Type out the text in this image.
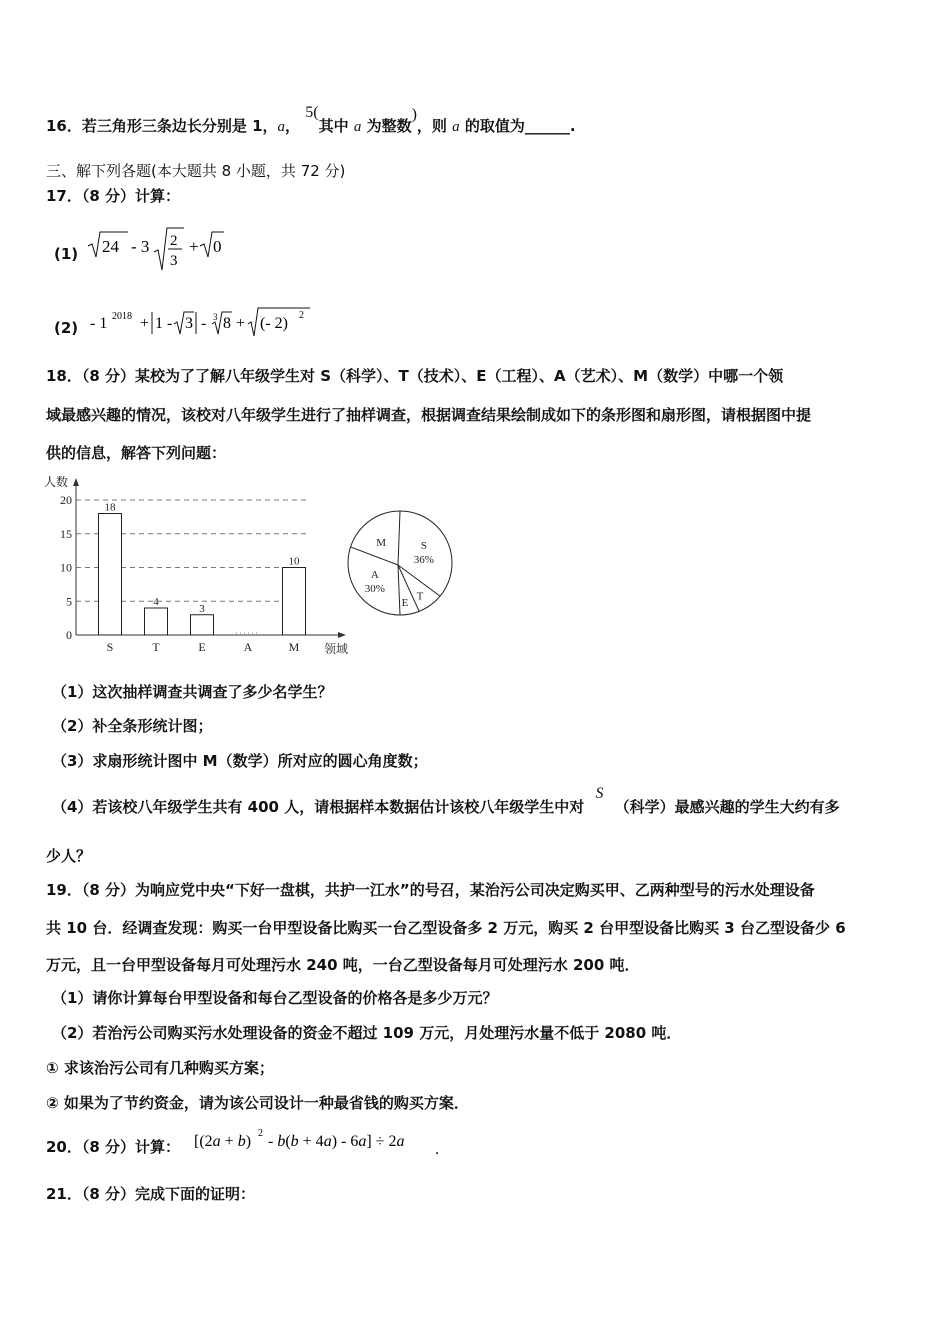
16．若三角形三条边长分别是 1，a， 5(其中 a 为整数)，则 a 的取值为______.
三、解下列各题(本大题共 8 小题，共 72 分)
17．（8 分）计算：
(1) 24 - 3 2
3
+ 0
(2) - 1 2018 + 1 - 3 - 3 8 + (- 2) 2
18．（8 分）某校为了了解八年级学生对 S（科学）、T（技术）、E（工程）、A（艺术）、M（数学）中哪一个领
域最感兴趣的情况，该校对八年级学生进行了抽样调查，根据调查结果绘制成如下的条形图和扇形图，请根据图中提
供的信息，解答下列问题：
人数
领域
0
5
10
15
20
S
18
T
4
E
3
A	M
10
S
36%
T
E
A
30%
M
（1）这次抽样调查共调查了多少名学生？
（2）补全条形统计图；
（3）求扇形统计图中 M（数学）所对应的圆心角度数；
（4）若该校八年级学生共有 400 人，请根据样本数据估计该校八年级学生中对 S （科学）最感兴趣的学生大约有多
少人？
19．（8 分）为响应党中央“下好一盘棋，共护一江水”的号召，某治污公司决定购买甲、乙两种型号的污水处理设备
共 10 台．经调查发现：购买一台甲型设备比购买一台乙型设备多 2 万元，购买 2 台甲型设备比购买 3 台乙型设备少 6
万元，且一台甲型设备每月可处理污水 240 吨，一台乙型设备每月可处理污水 200 吨．
（1）请你计算每台甲型设备和每台乙型设备的价格各是多少万元？
（2）若治污公司购买污水处理设备的资金不超过 109 万元，月处理污水量不低于 2080 吨．
① 求该治污公司有几种购买方案；
② 如果为了节约资金，请为该公司设计一种最省钱的购买方案．
20．（8 分）计算： [(2a + b) 2 - b(b + 4a) - 6a] ÷ 2a .
21．（8 分）完成下面的证明：
